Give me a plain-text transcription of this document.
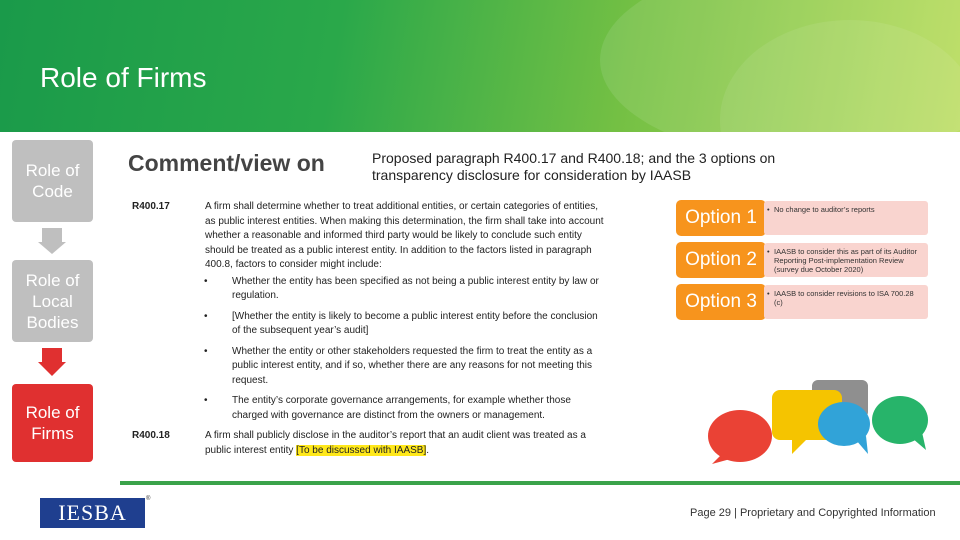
Role of Firms
Role of Code
Role of Local Bodies
Role of Firms
Comment/view on	Proposed paragraph R400.17 and R400.18; and the 3 options on transparency disclosure for consideration by IAASB
R400.17	A firm shall determine whether to treat additional entities, or certain categories of entities, as public interest entities. When making this determination, the firm shall take into account whether a reasonable and informed third party would be likely to conclude such entity should be treated as a public interest entity. In addition to the factors listed in paragraph 400.8, factors to consider might include:
• Whether the entity has been specified as not being a public interest entity by law or regulation.
• [Whether the entity is likely to become a public interest entity before the conclusion of the subsequent year’s audit]
• Whether the entity or other stakeholders requested the firm to treat the entity as a public interest entity, and if so, whether there are any reasons for not meeting this request.
• The entity’s corporate governance arrangements, for example whether those charged with governance are distinct from the owners or management.
R400.18	A firm shall publicly disclose in the auditor’s report that an audit client was treated as a public interest entity [To be discussed with IAASB].
Option 1	• No change to auditor’s reports
Option 2	• IAASB to consider this as part of its Auditor Reporting Post-implementation Review (survey due October 2020)
Option 3	• IAASB to consider revisions to ISA 700.28 (c)
IESBA
®
Page 29 | Proprietary and Copyrighted Information
